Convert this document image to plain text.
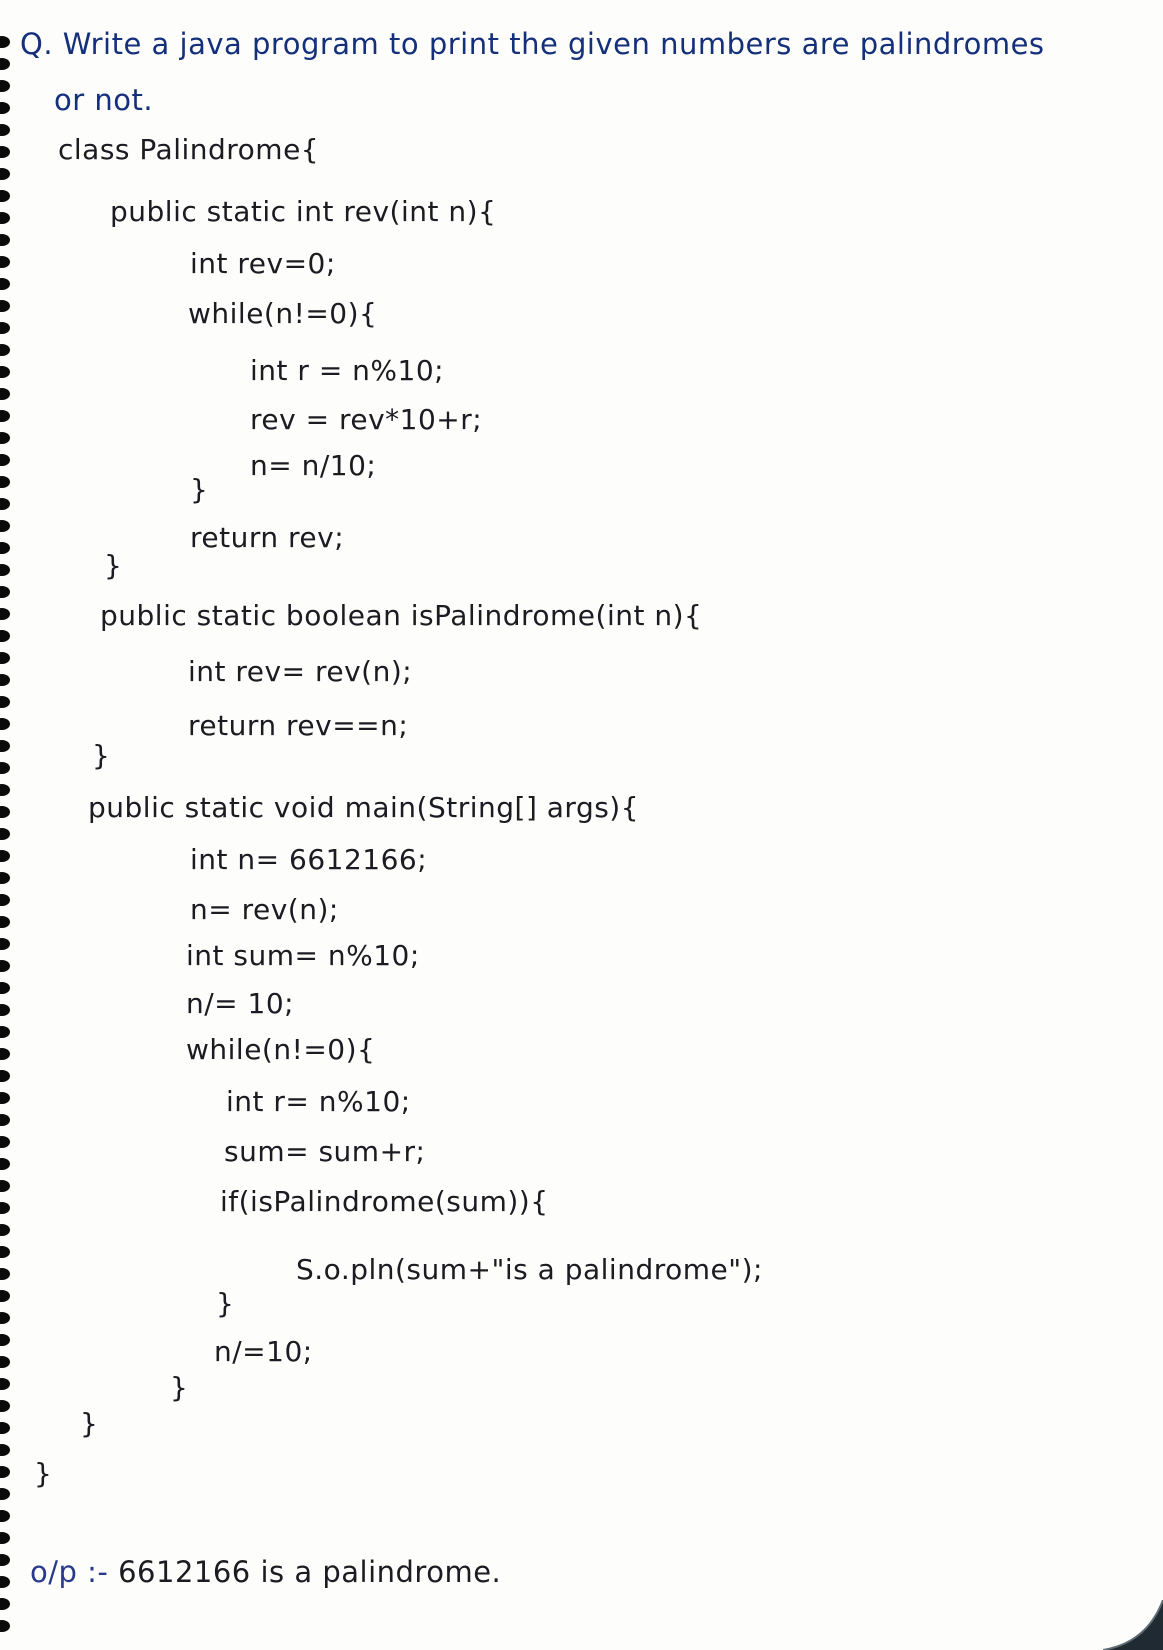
Q. Write a java program to print the given numbers are palindromes

or not.

class Palindrome{

public static int rev(int n){

int rev=0;

while(n!=0){

int r = n%10;

rev = rev*10+r;

n= n/10;

}

return rev;

}

public static boolean isPalindrome(int n){

int rev= rev(n);

return rev==n;

}

public static void main(String[] args){

int n= 6612166;

n= rev(n);

int sum= n%10;

n/= 10;

while(n!=0){

int r= n%10;

sum= sum+r;

if(isPalindrome(sum)){

S.o.pln(sum+"is a palindrome");

}

n/=10;

}

}

}

o/p :- 6612166 is a palindrome.
